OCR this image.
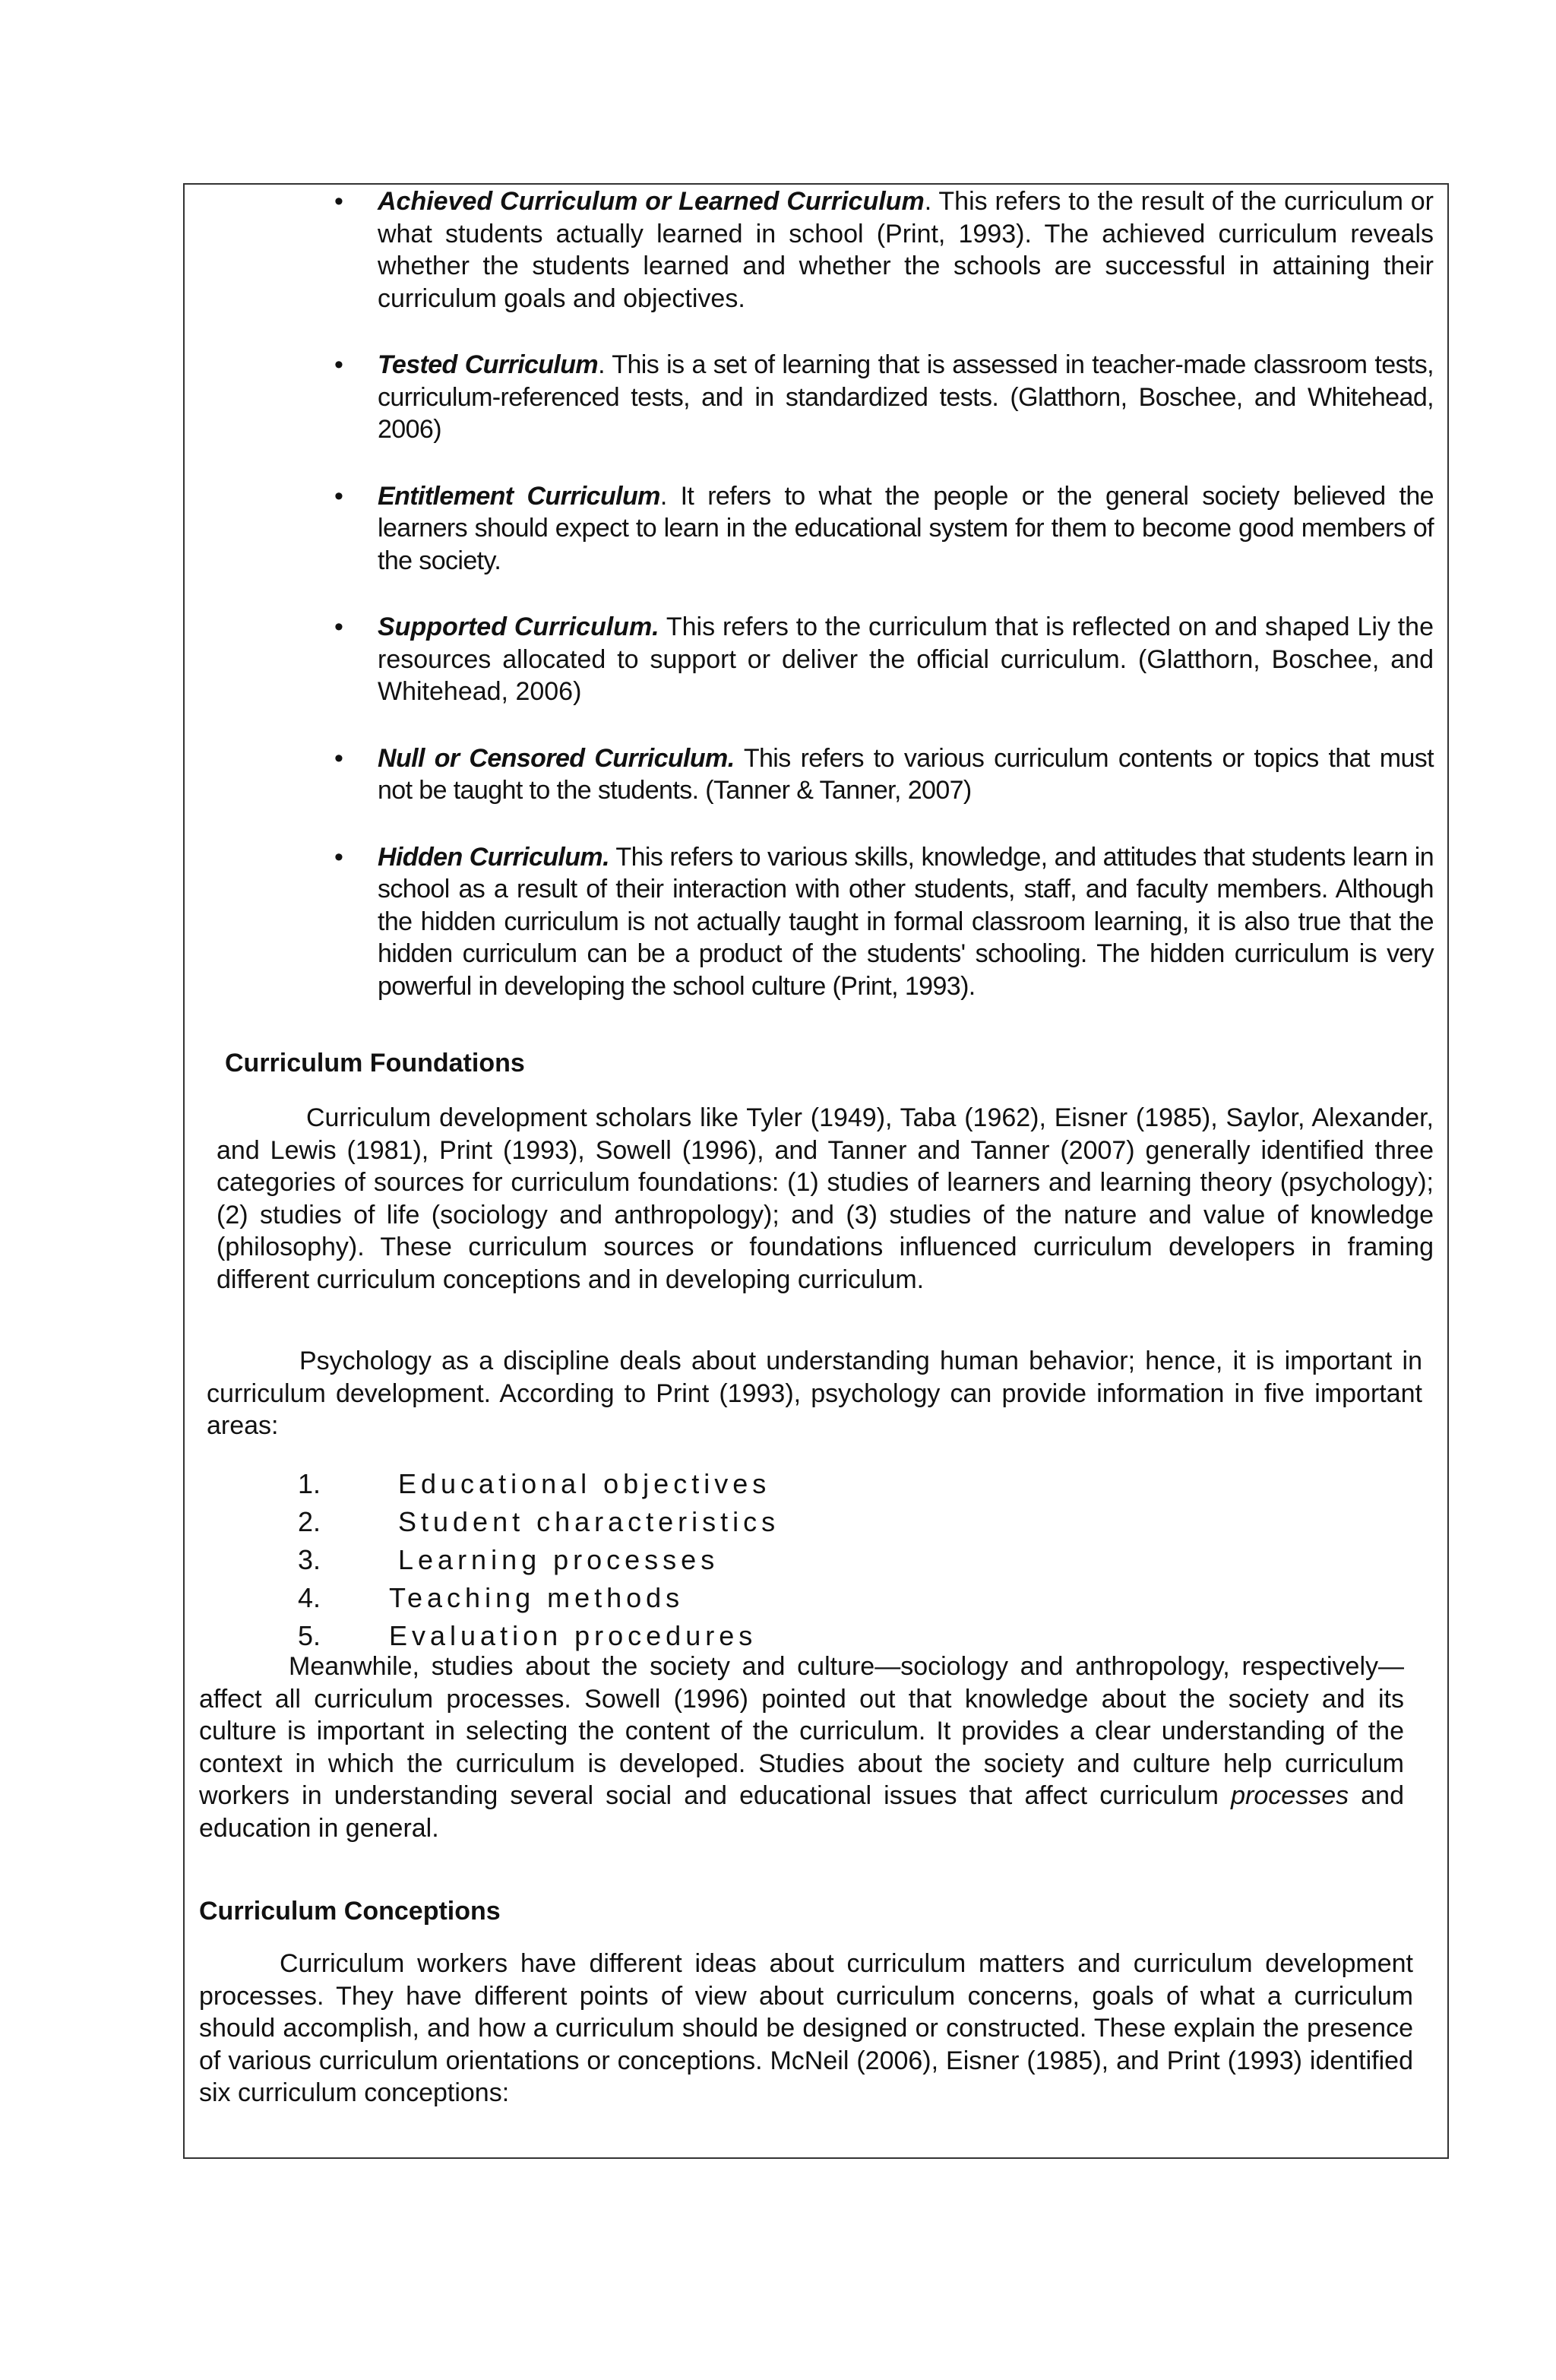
• Achieved Curriculum or Learned Curriculum. This refers to the result of the curriculum or what students actually learned in school (Print, 1993). The achieved curriculum reveals whether the students learned and whether the schools are successful in attaining their curriculum goals and objectives.
• Tested Curriculum. This is a set of learning that is assessed in teacher-made classroom tests, curriculum-referenced tests, and in standardized tests. (Glatthorn, Boschee, and Whitehead, 2006)
• Entitlement Curriculum. It refers to what the people or the general society believed the learners should expect to learn in the educational system for them to become good members of the society.
• Supported Curriculum. This refers to the curriculum that is reflected on and shaped Liy the resources allocated to support or deliver the official curriculum. (Glatthorn, Boschee, and Whitehead, 2006)
• Null or Censored Curriculum. This refers to various curriculum contents or topics that must not be taught to the students. (Tanner & Tanner, 2007)
• Hidden Curriculum. This refers to various skills, knowledge, and attitudes that students learn in school as a result of their interaction with other students, staff, and faculty members. Although the hidden curriculum is not actually taught in formal classroom learning, it is also true that the hidden curriculum can be a product of the students' schooling. The hidden curriculum is very powerful in developing the school culture (Print, 1993).
Curriculum Foundations

Curriculum development scholars like Tyler (1949), Taba (1962), Eisner (1985), Saylor, Alexander, and Lewis (1981), Print (1993), Sowell (1996), and Tanner and Tanner (2007) generally identified three categories of sources for curriculum foundations: (1) studies of learners and learning theory (psychology); (2) studies of life (sociology and anthropology); and (3) studies of the nature and value of knowledge (philosophy). These curriculum sources or foundations influenced curriculum developers in framing different curriculum conceptions and in developing curriculum.

Psychology as a discipline deals about understanding human behavior; hence, it is important in curriculum development. According to Print (1993), psychology can provide information in five important areas:

1.	Educational objectives
2.	Student characteristics
3.	Learning processes
4. Teaching methods
5. Evaluation procedures

Meanwhile, studies about the society and culture—sociology and anthropology, respectively—affect all curriculum processes. Sowell (1996) pointed out that knowledge about the society and its culture is important in selecting the content of the curriculum. It provides a clear understanding of the context in which the curriculum is developed. Studies about the society and culture help curriculum workers in understanding several social and educational issues that affect curriculum processes and education in general.

Curriculum Conceptions

Curriculum workers have different ideas about curriculum matters and curriculum development processes. They have different points of view about curriculum concerns, goals of what a curriculum should accomplish, and how a curriculum should be designed or constructed. These explain the presence of various curriculum orientations or conceptions. McNeil (2006), Eisner (1985), and Print (1993) identified six curriculum conceptions:
